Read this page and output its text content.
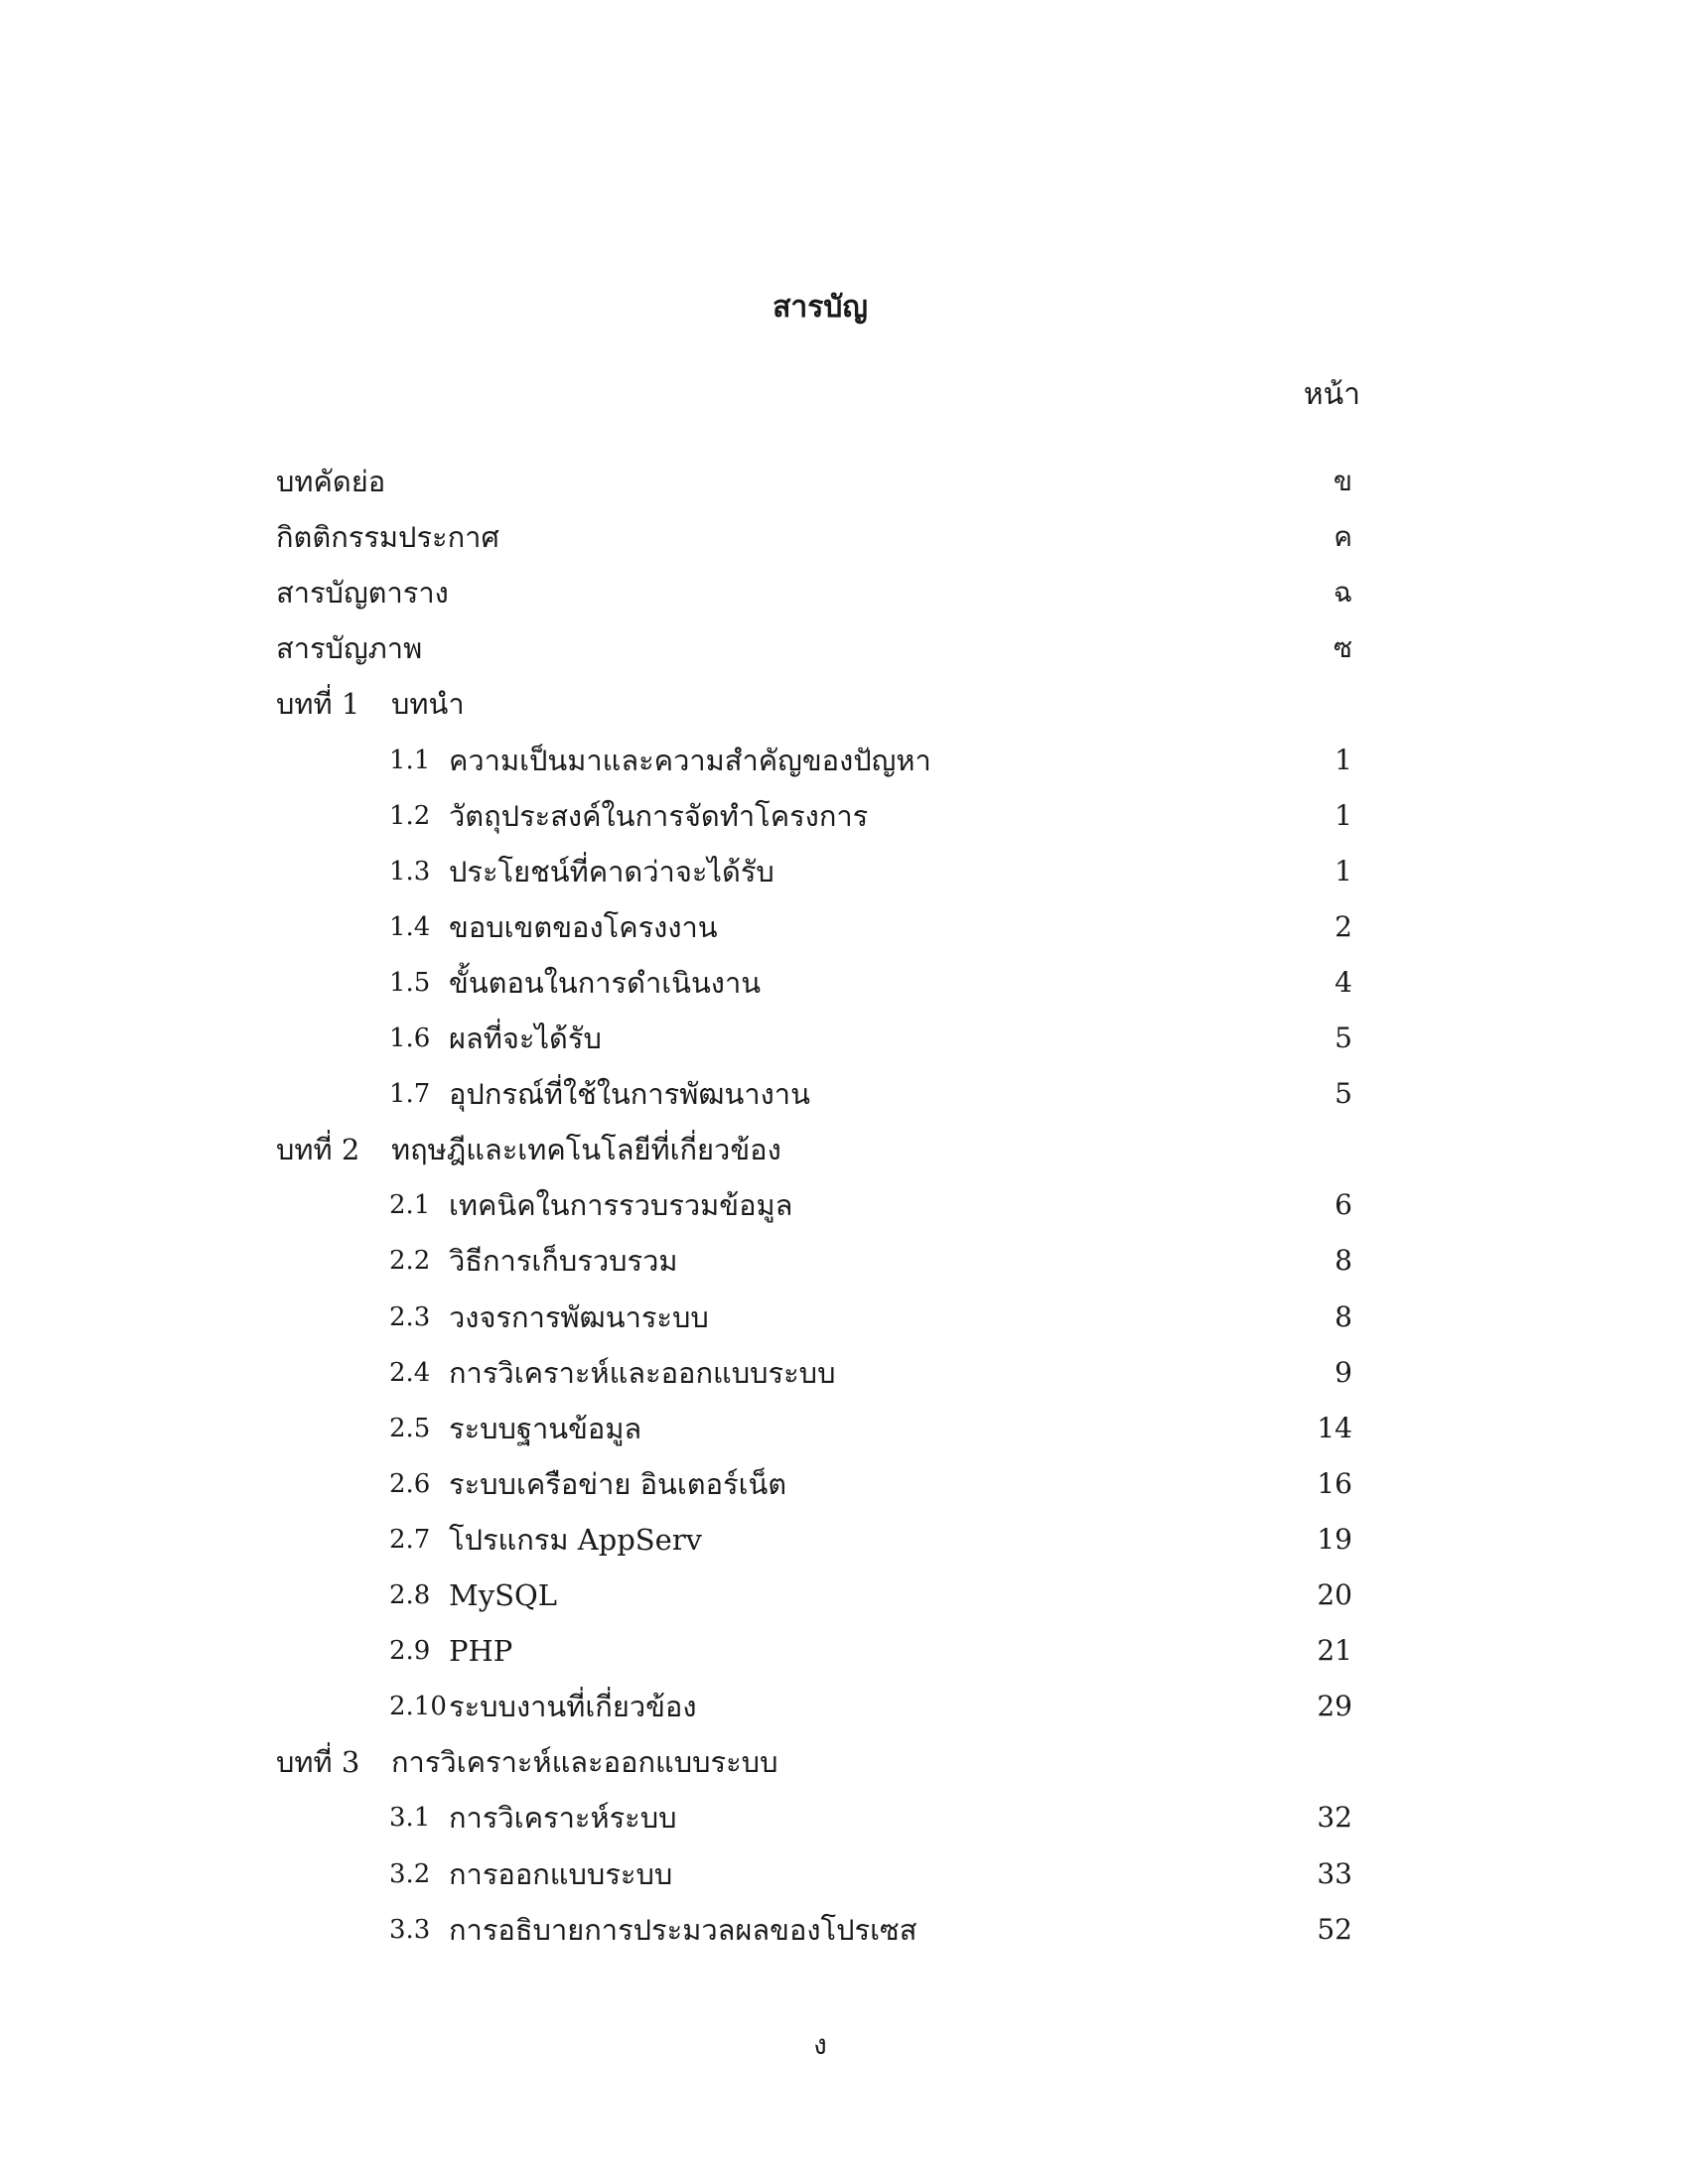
สารบัญ
หน้า
บทคัดย่อ	ข
กิตติกรรมประกาศ	ค
สารบัญตาราง	ฉ
สารบัญภาพ	ซ
บทที่ 1 บทนำ
1.1 ความเป็นมาและความสำคัญของปัญหา	1
1.2 วัตถุประสงค์ในการจัดทำโครงการ	1
1.3 ประโยชน์ที่คาดว่าจะได้รับ	1
1.4 ขอบเขตของโครงงาน	2
1.5 ขั้นตอนในการดำเนินงาน	4
1.6 ผลที่จะได้รับ	5
1.7 อุปกรณ์ที่ใช้ในการพัฒนางาน	5
บทที่ 2 ทฤษฎีและเทคโนโลยีที่เกี่ยวข้อง
2.1 เทคนิคในการรวบรวมข้อมูล	6
2.2 วิธีการเก็บรวบรวม	8
2.3 วงจรการพัฒนาระบบ	8
2.4 การวิเคราะห์และออกแบบระบบ	9
2.5 ระบบฐานข้อมูล	14
2.6 ระบบเครือข่าย อินเตอร์เน็ต	16
2.7 โปรแกรม AppServ	19
2.8 MySQL	20
2.9 PHP	21
2.10 ระบบงานที่เกี่ยวข้อง	29
บทที่ 3 การวิเคราะห์และออกแบบระบบ
3.1 การวิเคราะห์ระบบ	32
3.2 การออกแบบระบบ	33
3.3 การอธิบายการประมวลผลของโปรเซส	52
ง
